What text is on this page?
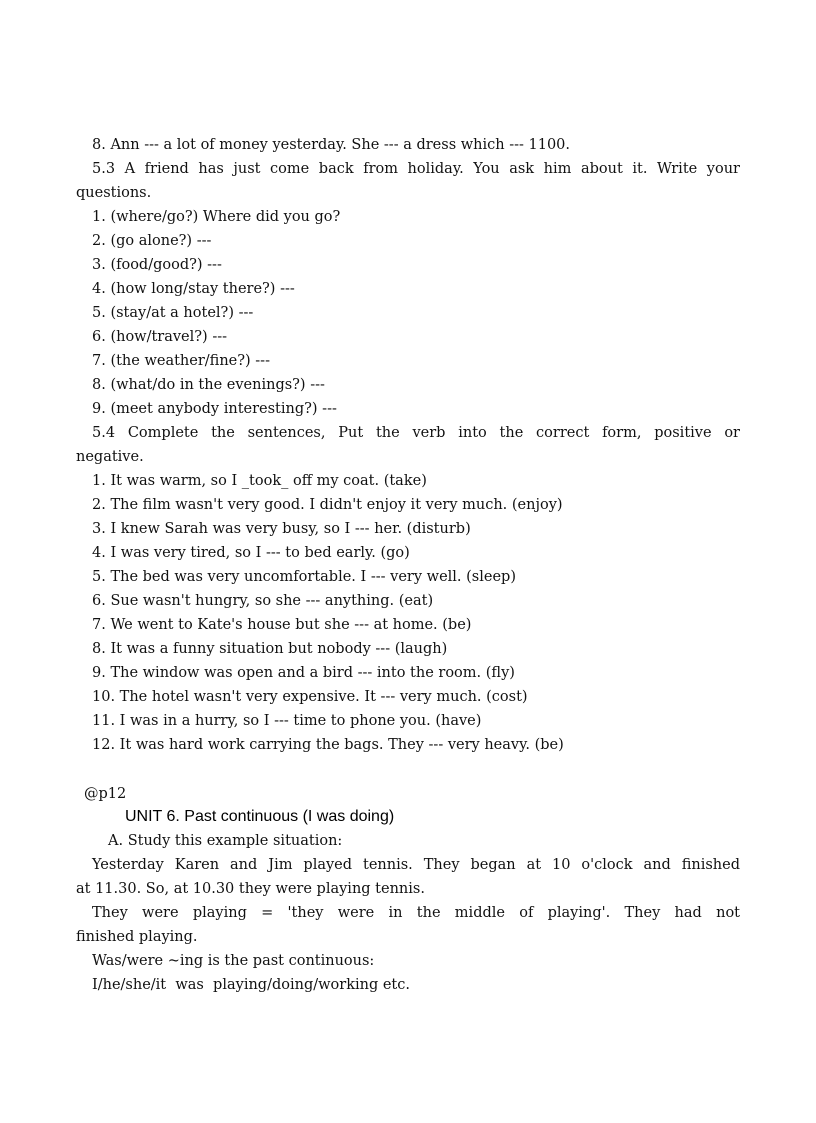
8. Ann --- a lot of money yesterday. She --- a dress which --- 1100.
5.3 A friend has just come back from holiday. You ask him about it. Write your
questions.
1. (where/go?) Where did you go?
2. (go alone?) ---
3. (food/good?) ---
4. (how long/stay there?) ---
5. (stay/at a hotel?) ---
6. (how/travel?) ---
7. (the weather/fine?) ---
8. (what/do in the evenings?) ---
9. (meet anybody interesting?) ---
5.4 Complete the sentences, Put the verb into the correct form, positive or
negative.
1. It was warm, so I _took_ off my coat. (take)
2. The film wasn't very good. I didn't enjoy it very much. (enjoy)
3. I knew Sarah was very busy, so I --- her. (disturb)
4. I was very tired, so I --- to bed early. (go)
5. The bed was very uncomfortable. I --- very well. (sleep)
6. Sue wasn't hungry, so she --- anything. (eat)
7. We went to Kate's house but she --- at home. (be)
8. It was a funny situation but nobody --- (laugh)
9. The window was open and a bird --- into the room. (fly)
10. The hotel wasn't very expensive. It --- very much. (cost)
11. I was in a hurry, so I --- time to phone you. (have)
12. It was hard work carrying the bags. They --- very heavy. (be)
@p12
UNIT 6. Past continuous (I was doing)
A. Study this example situation:
Yesterday Karen and Jim played tennis. They began at 10 o'clock and finished
at 11.30. So, at 10.30 they were playing tennis.
They were playing = 'they were in the middle of playing'. They had not
finished playing.
Was/were ~ing is the past continuous:
I/he/she/it  was  playing/doing/working etc.
